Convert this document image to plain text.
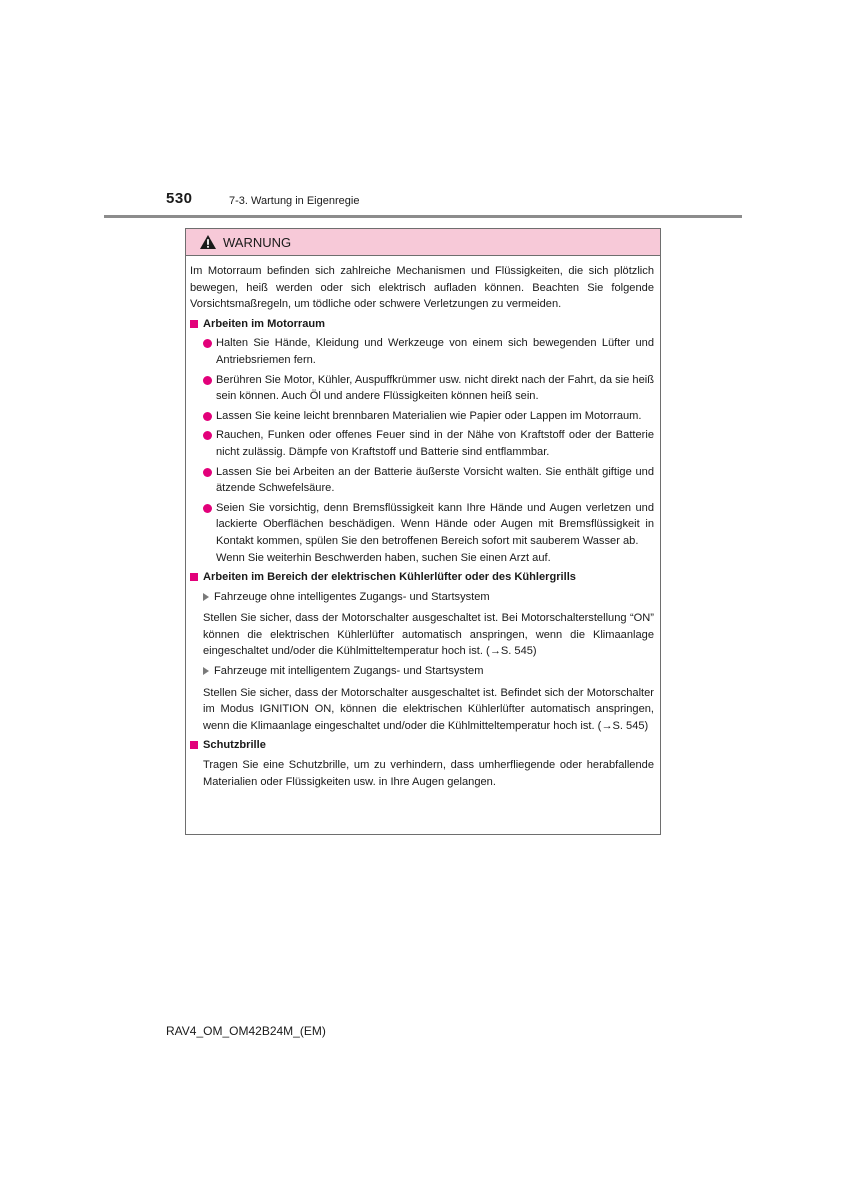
530	7-3. Wartung in Eigenregie
WARNUNG

Im Motorraum befinden sich zahlreiche Mechanismen und Flüssigkeiten, die sich plötzlich bewegen, heiß werden oder sich elektrisch aufladen können. Beachten Sie folgende Vorsichtsmaßregeln, um tödliche oder schwere Verletzungen zu vermeiden.

Arbeiten im Motorraum
Halten Sie Hände, Kleidung und Werkzeuge von einem sich bewegenden Lüfter und Antriebsriemen fern.
Berühren Sie Motor, Kühler, Auspuffkrümmer usw. nicht direkt nach der Fahrt, da sie heiß sein können. Auch Öl und andere Flüssigkeiten können heiß sein.
Lassen Sie keine leicht brennbaren Materialien wie Papier oder Lappen im Motorraum.
Rauchen, Funken oder offenes Feuer sind in der Nähe von Kraftstoff oder der Batterie nicht zulässig. Dämpfe von Kraftstoff und Batterie sind entflammbar.
Lassen Sie bei Arbeiten an der Batterie äußerste Vorsicht walten. Sie enthält giftige und ätzende Schwefelsäure.
Seien Sie vorsichtig, denn Bremsflüssigkeit kann Ihre Hände und Augen verletzen und lackierte Oberflächen beschädigen. Wenn Hände oder Augen mit Bremsflüssigkeit in Kontakt kommen, spülen Sie den betroffenen Bereich sofort mit sauberem Wasser ab.
Wenn Sie weiterhin Beschwerden haben, suchen Sie einen Arzt auf.
Arbeiten im Bereich der elektrischen Kühlerlüfter oder des Kühlergrills
Fahrzeuge ohne intelligentes Zugangs- und Startsystem

Stellen Sie sicher, dass der Motorschalter ausgeschaltet ist. Bei Motorschalterstellung “ON” können die elektrischen Kühlerlüfter automatisch anspringen, wenn die Klimaanlage eingeschaltet und/oder die Kühlmitteltemperatur hoch ist. (→S. 545)

Fahrzeuge mit intelligentem Zugangs- und Startsystem

Stellen Sie sicher, dass der Motorschalter ausgeschaltet ist. Befindet sich der Motorschalter im Modus IGNITION ON, können die elektrischen Kühlerlüfter automatisch anspringen, wenn die Klimaanlage eingeschaltet und/oder die Kühlmitteltemperatur hoch ist. (→S. 545)

Schutzbrille

Tragen Sie eine Schutzbrille, um zu verhindern, dass umherfliegende oder herabfallende Materialien oder Flüssigkeiten usw. in Ihre Augen gelangen.

RAV4_OM_OM42B24M_(EM)
